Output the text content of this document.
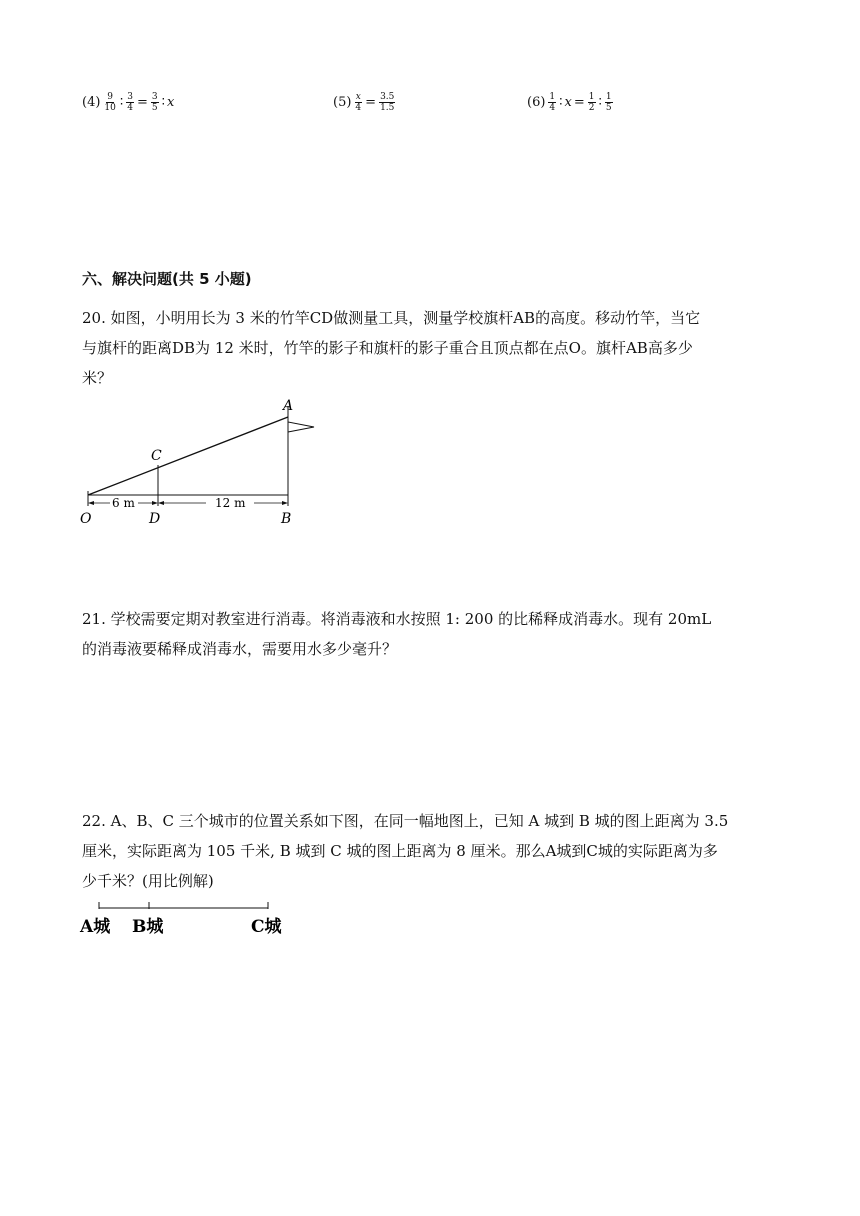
$(4) \frac{9}{10}$ ∶ $\frac{3}{4} = \frac{3}{5}$ ∶ x	$(5) \frac{x}{4} = \frac{3.5}{1.5}$	$(6) \frac{1}{4}$ ∶ $x = \frac{1}{2}$ ∶ $\frac{1}{5}$
六、解决问题(共 5 小题)
20. 如图，小明用长为 3 米的竹竿CD做测量工具，测量学校旗杆AB的高度。移动竹竿，当它
与旗杆的距离DB为 12 米时，竹竿的影子和旗杆的影子重合且顶点都在点O。旗杆AB高多少
米？
6 m	12 m
A
C
O	D	B
21. 学校需要定期对教室进行消毒。将消毒液和水按照 1: 200 的比稀释成消毒水。现有 20mL
的消毒液要稀释成消毒水，需要用水多少毫升？
22. A、B、C 三个城市的位置关系如下图，在同一幅地图上，已知 A 城到 B 城的图上距离为 3.5
厘米，实际距离为 105 千米, B 城到 C 城的图上距离为 8 厘米。那么A城到C城的实际距离为多
少千米？(用比例解)
A城 B城	C城
